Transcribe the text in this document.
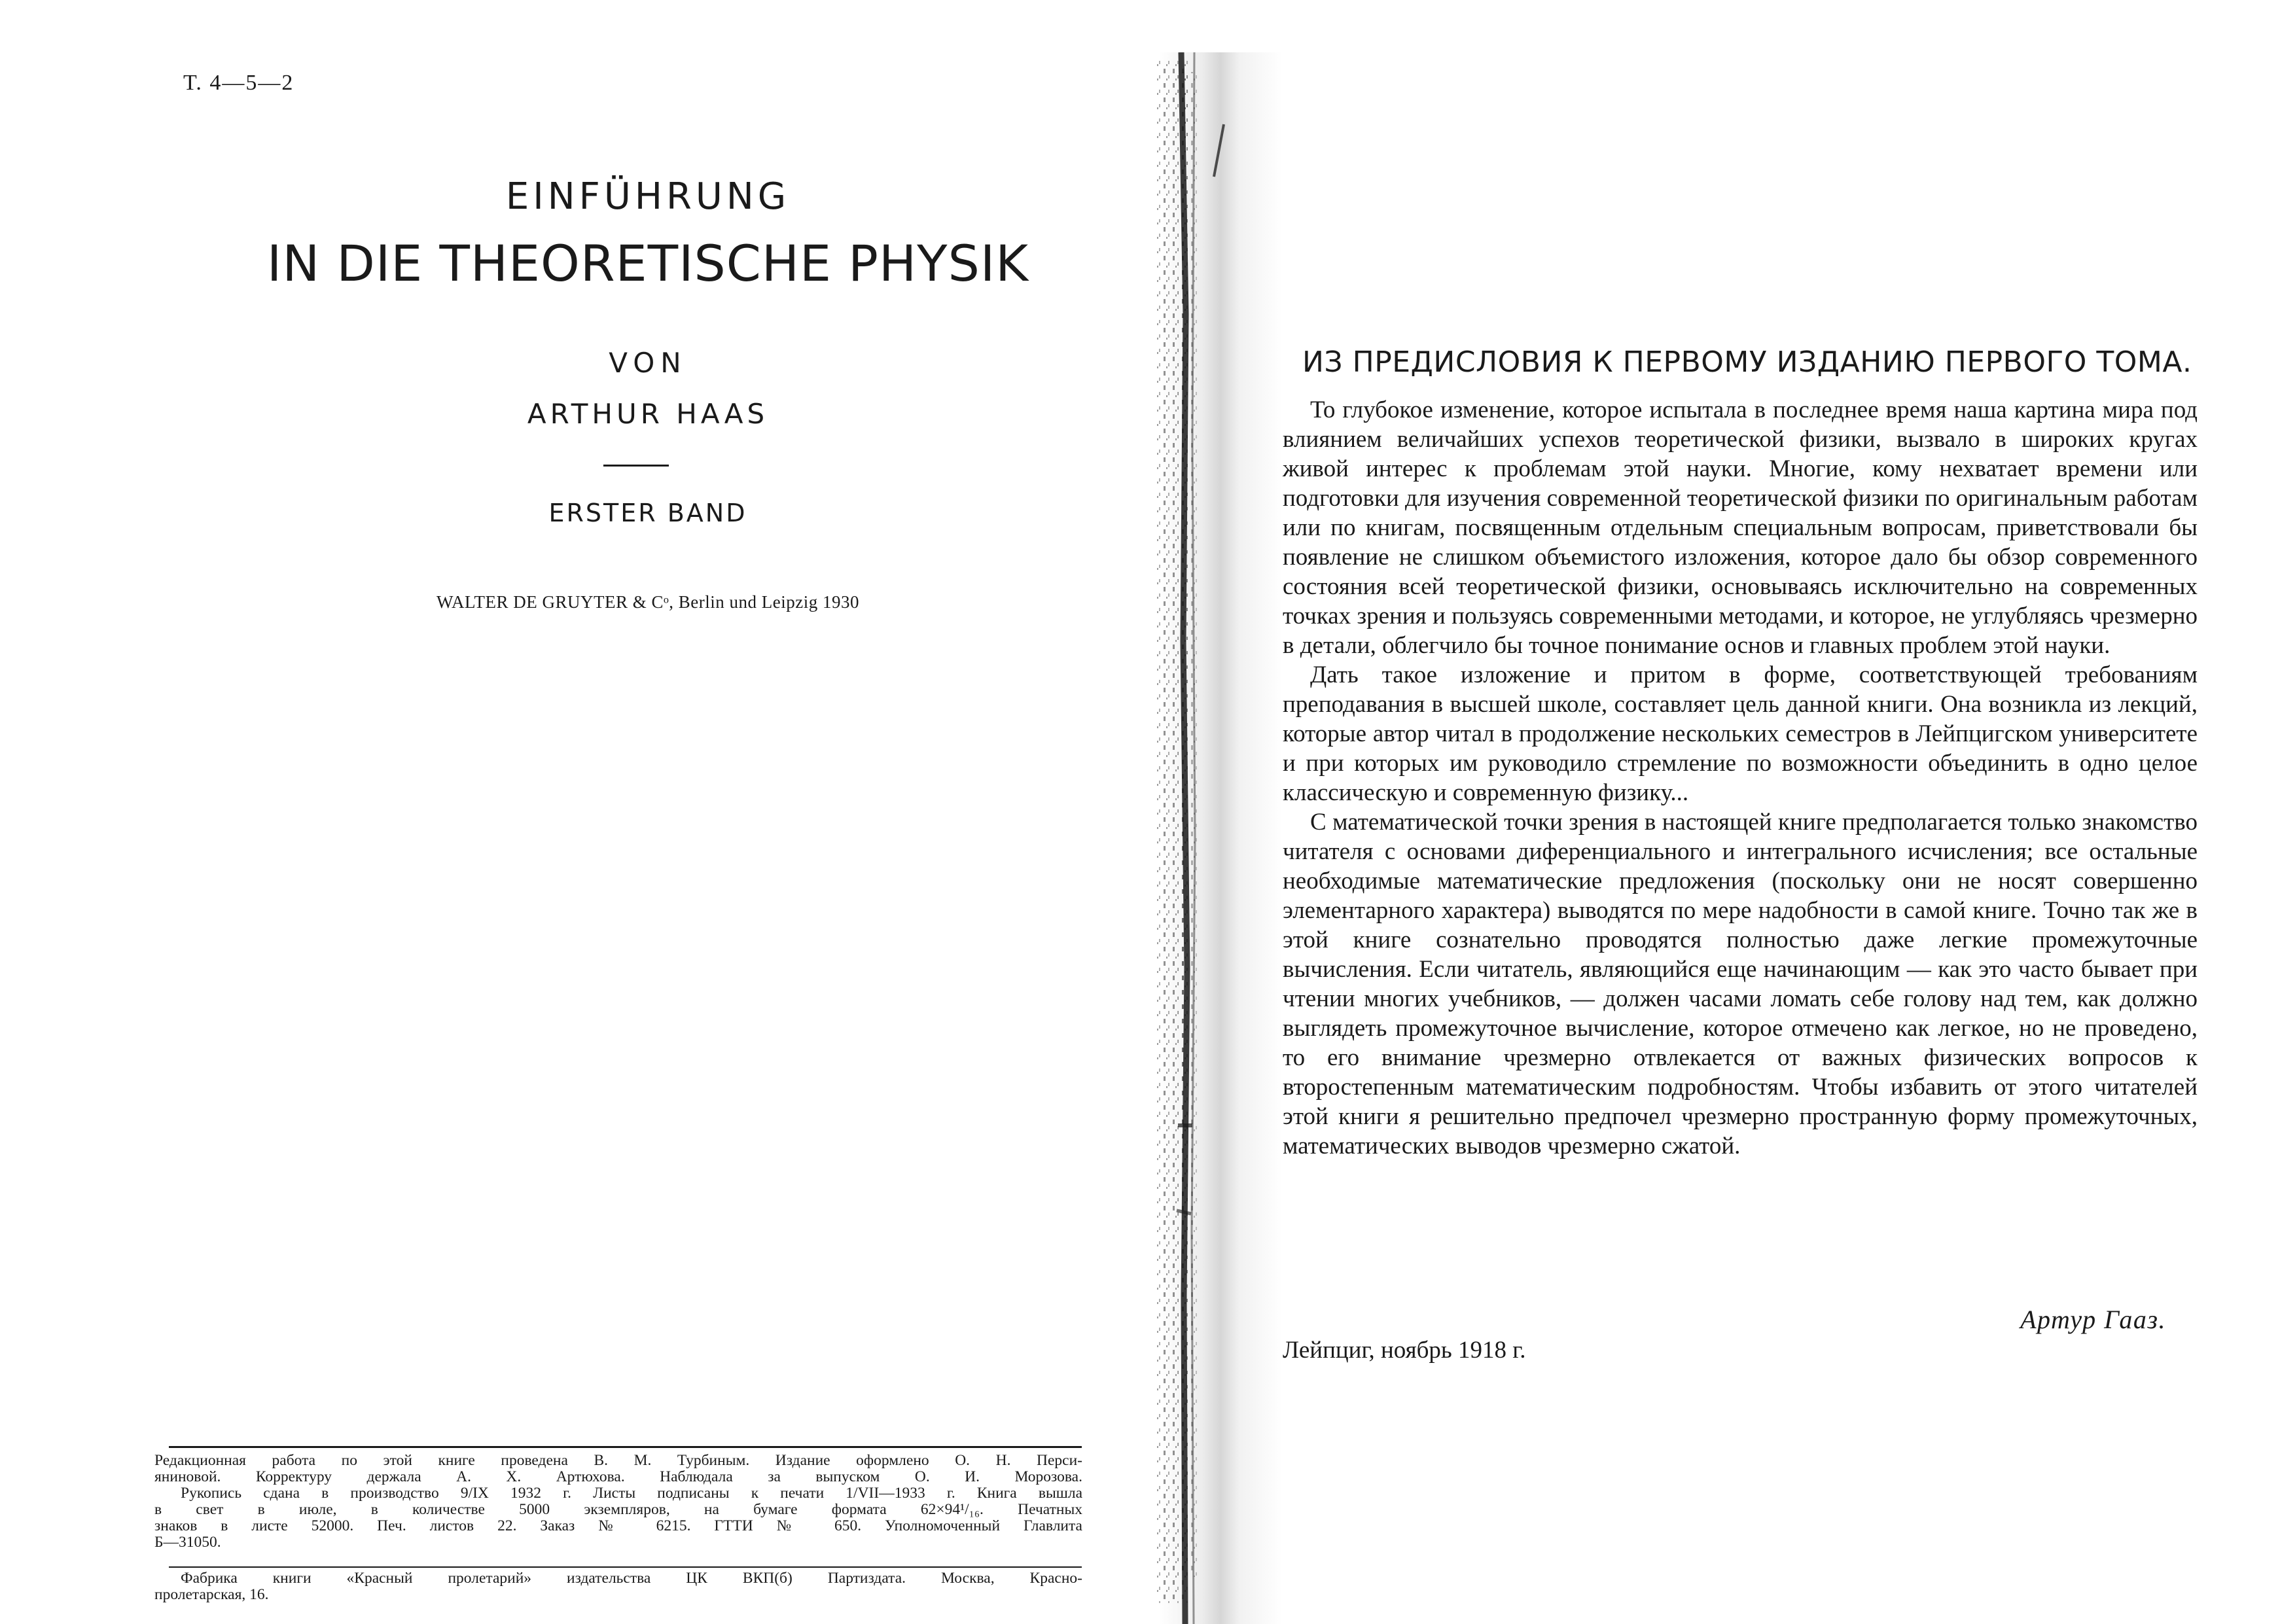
Т. 4—5—2
EINFÜHRUNG
IN DIE THEORETISCHE PHYSIK
VON
ARTHUR HAAS
ERSTER BAND
WALTER DE GRUYTER & Cᵒ, Berlin und Leipzig 1930

Редакционная работа по этой книге проведена В. М. Турбиным. Издание оформлено О. Н. Перси-

яниновой. Корректуру держала А. Х. Артюхова. Наблюдала за выпуском О. И. Морозова.

Рукопись сдана в производство 9/IX 1932 г. Листы подписаны к печати 1/VII—1933 г. Книга вышла

в свет в июле, в количестве 5000 экземпляров, на бумаге формата 62×94¹/₁₆. Печатных

знаков в листе 52000. Печ. листов 22. Заказ № 6215. ГТТИ № 650. Уполномоченный Главлита

Б—31050.

Фабрика книги «Красный пролетарий» издательства ЦК ВКП(б) Партиздата. Москва, Красно-

пролетарская, 16.

ИЗ ПРЕДИСЛОВИЯ К ПЕРВОМУ ИЗДАНИЮ ПЕРВОГО ТОМА.

То глубокое изменение, которое испытала в последнее время наша картина мира под влиянием величайших успехов теоретической физики, вызвало в широких кругах живой интерес к проблемам этой науки. Многие, кому нехватает времени или подготовки для изучения современной теоретической физики по оригинальным работам или по книгам, посвященным отдельным специальным вопросам, приветствовали бы появление не слишком объемистого изложения, которое дало бы обзор современного состояния всей теоретической физики, основываясь исключительно на современных точках зрения и пользуясь современными методами, и которое, не углубляясь чрезмерно в детали, облегчило бы точное понимание основ и главных проблем этой науки.

Дать такое изложение и притом в форме, соответствующей требованиям преподавания в высшей школе, составляет цель данной книги. Она возникла из лекций, которые автор читал в продолжение нескольких семестров в Лейпцигском университете и при которых им руководило стремление по возможности объединить в одно целое классическую и современную физику...

С математической точки зрения в настоящей книге предполагается только знакомство читателя с основами диференциального и интегрального исчисления; все остальные необходимые математические предложения (поскольку они не носят совершенно элементарного характера) выводятся по мере надобности в самой книге. Точно так же в этой книге сознательно проводятся полностью даже легкие промежуточные вычисления. Если читатель, являющийся еще начинающим — как это часто бывает при чтении многих учебников, — должен часами ломать себе голову над тем, как должно выглядеть промежуточное вычисление, которое отмечено как легкое, но не проведено, то его внимание чрезмерно отвлекается от важных физических вопросов к второстепенным математическим подробностям. Чтобы избавить от этого читателей этой книги я решительно предпочел чрезмерно пространную форму промежуточных, математических выводов чрезмерно сжатой.

Артур Гааз.
Лейпциг, ноябрь 1918 г.
